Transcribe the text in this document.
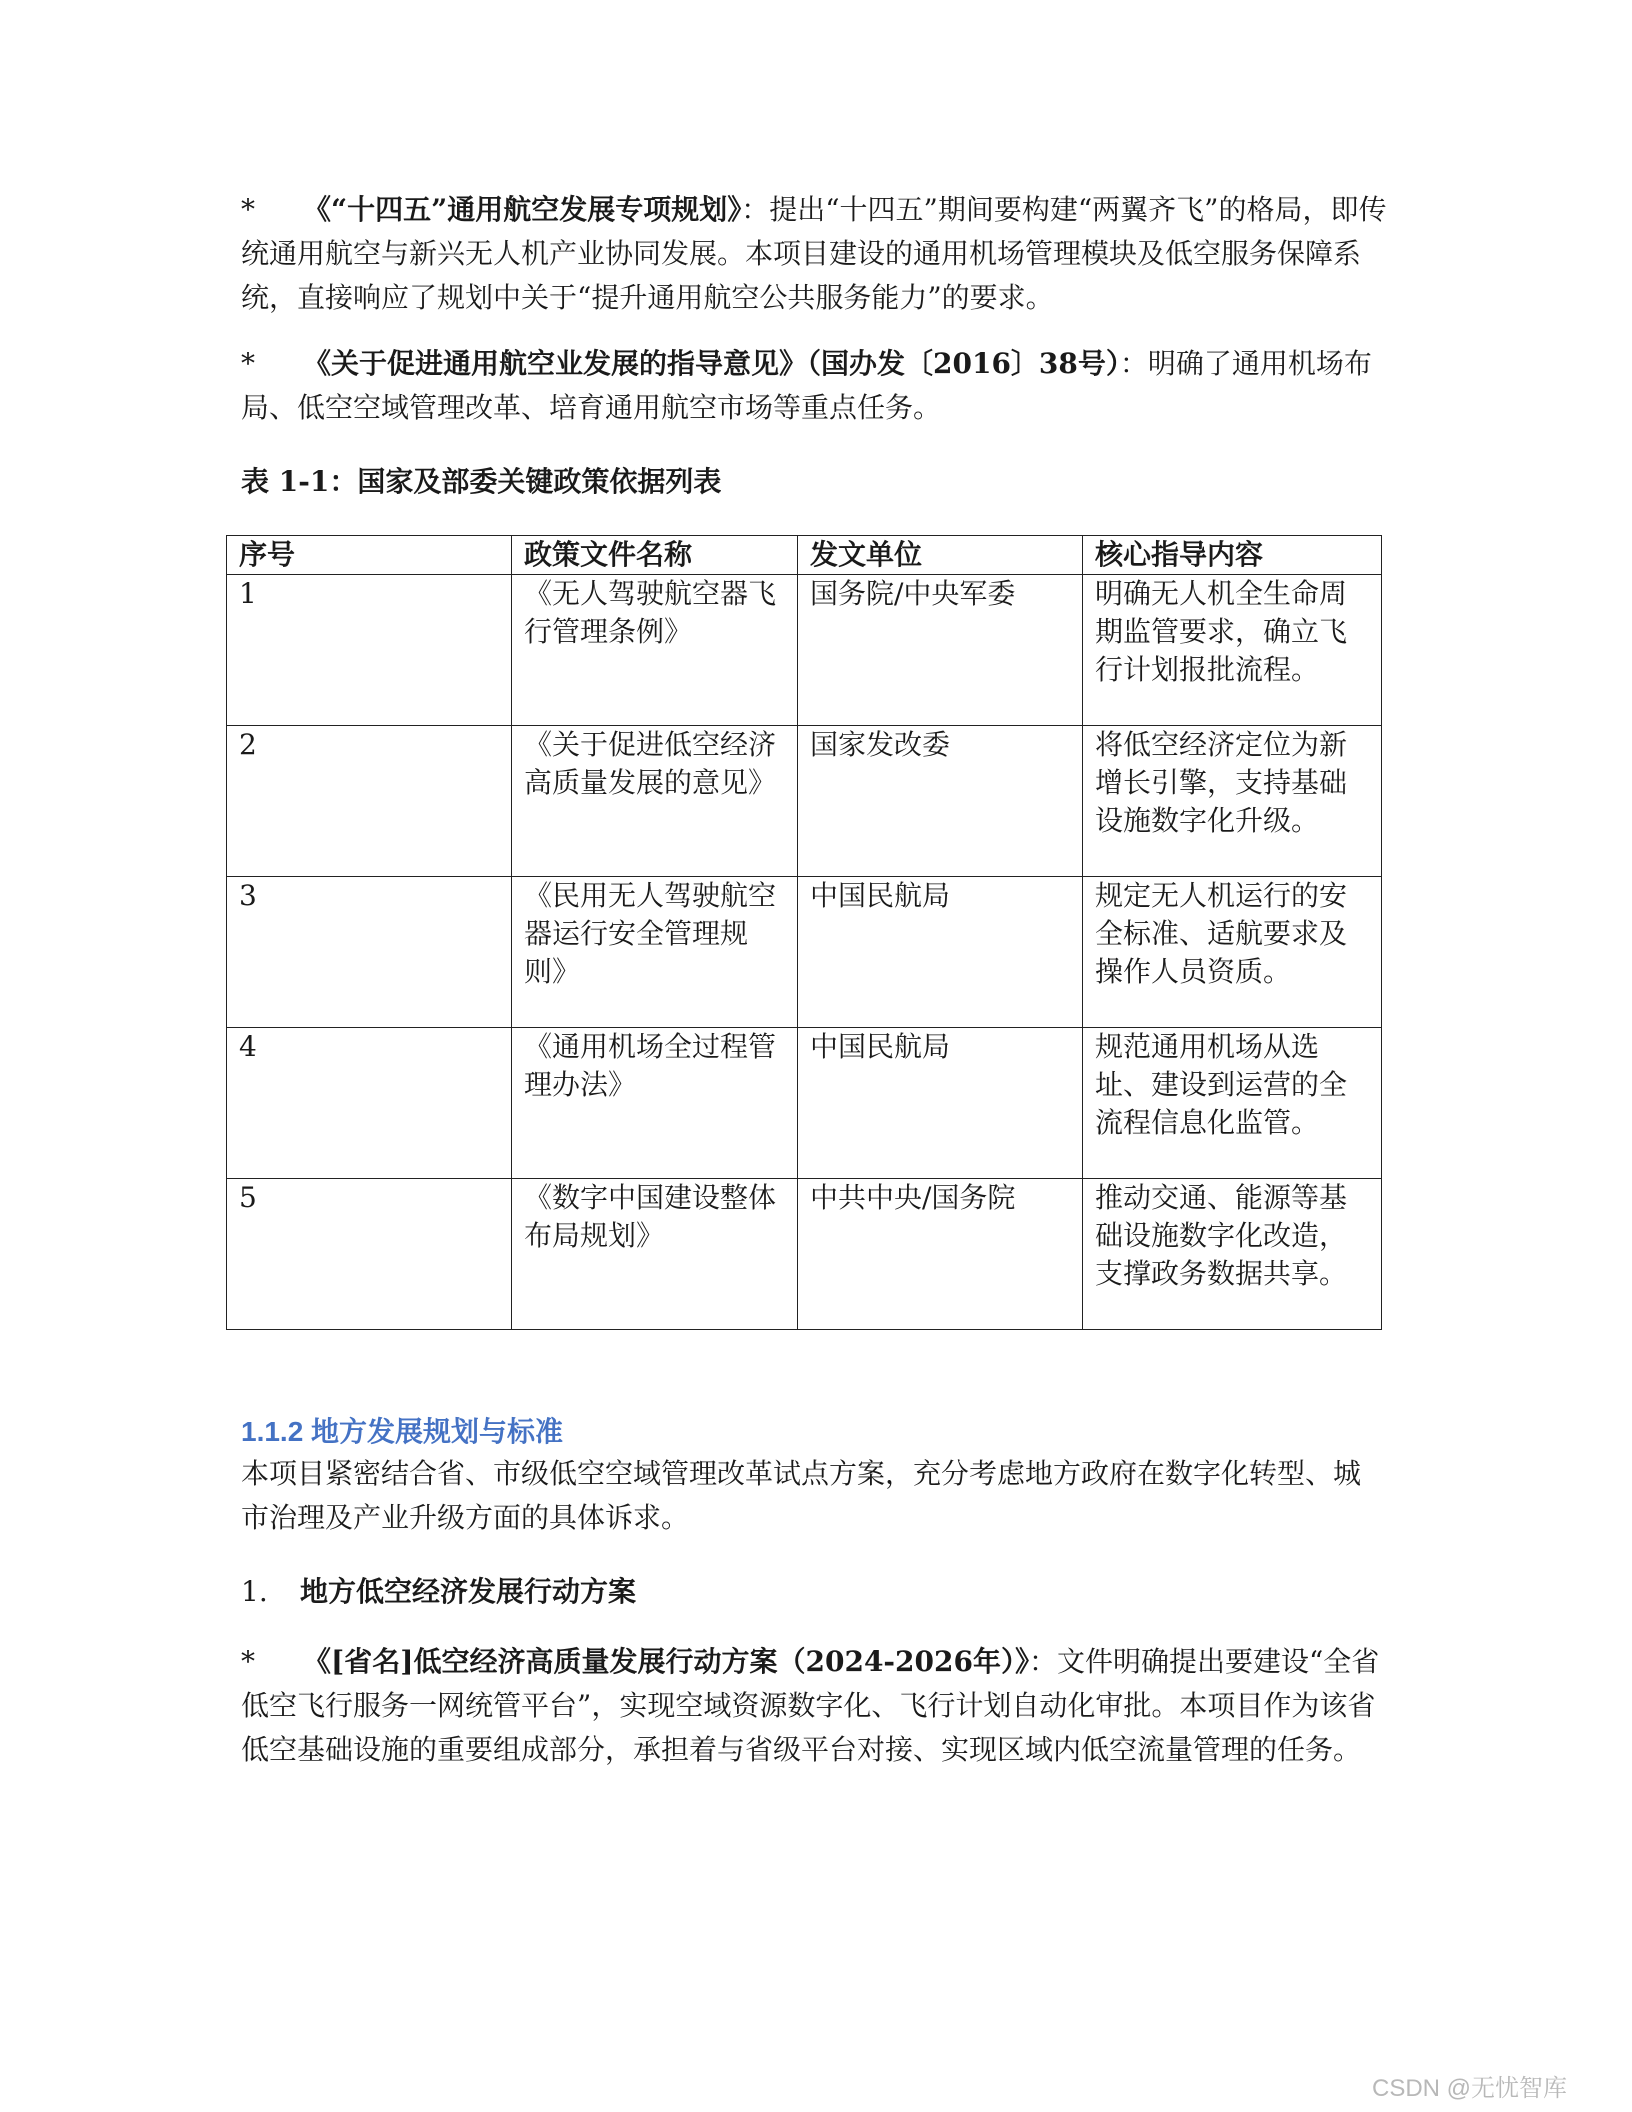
* 《“十四五”通用航空发展专项规划》：提出“十四五”期间要构建“两翼齐飞”的格局，即传统通用航空与新兴无人机产业协同发展。本项目建设的通用机场管理模块及低空服务保障系统，直接响应了规划中关于“提升通用航空公共服务能力”的要求。

* 《关于促进通用航空业发展的指导意见》（国办发〔2016〕38号）：明确了通用机场布局、低空空域管理改革、培育通用航空市场等重点任务。

表 1-1：国家及部委关键政策依据列表
序号	政策文件名称	发文单位	核心指导内容
1	《无人驾驶航空器飞行管理条例》	国务院/中央军委	明确无人机全生命周期监管要求，确立飞行计划报批流程。
2	《关于促进低空经济高质量发展的意见》	国家发改委	将低空经济定位为新增长引擎，支持基础设施数字化升级。
3	《民用无人驾驶航空器运行安全管理规则》	中国民航局	规定无人机运行的安全标准、适航要求及操作人员资质。
4	《通用机场全过程管理办法》	中国民航局	规范通用机场从选址、建设到运营的全流程信息化监管。
5	《数字中国建设整体布局规划》	中共中央/国务院	推动交通、能源等基础设施数字化改造，支撑政务数据共享。
1.1.2 地方发展规划与标准

本项目紧密结合省、市级低空空域管理改革试点方案，充分考虑地方政府在数字化转型、城市治理及产业升级方面的具体诉求。

1. 地方低空经济发展行动方案

* 《[省名]低空经济高质量发展行动方案（2024-2026年）》：文件明确提出要建设“全省低空飞行服务一网统管平台”，实现空域资源数字化、飞行计划自动化审批。本项目作为该省低空基础设施的重要组成部分，承担着与省级平台对接、实现区域内低空流量管理的任务。

CSDN @无忧智库
